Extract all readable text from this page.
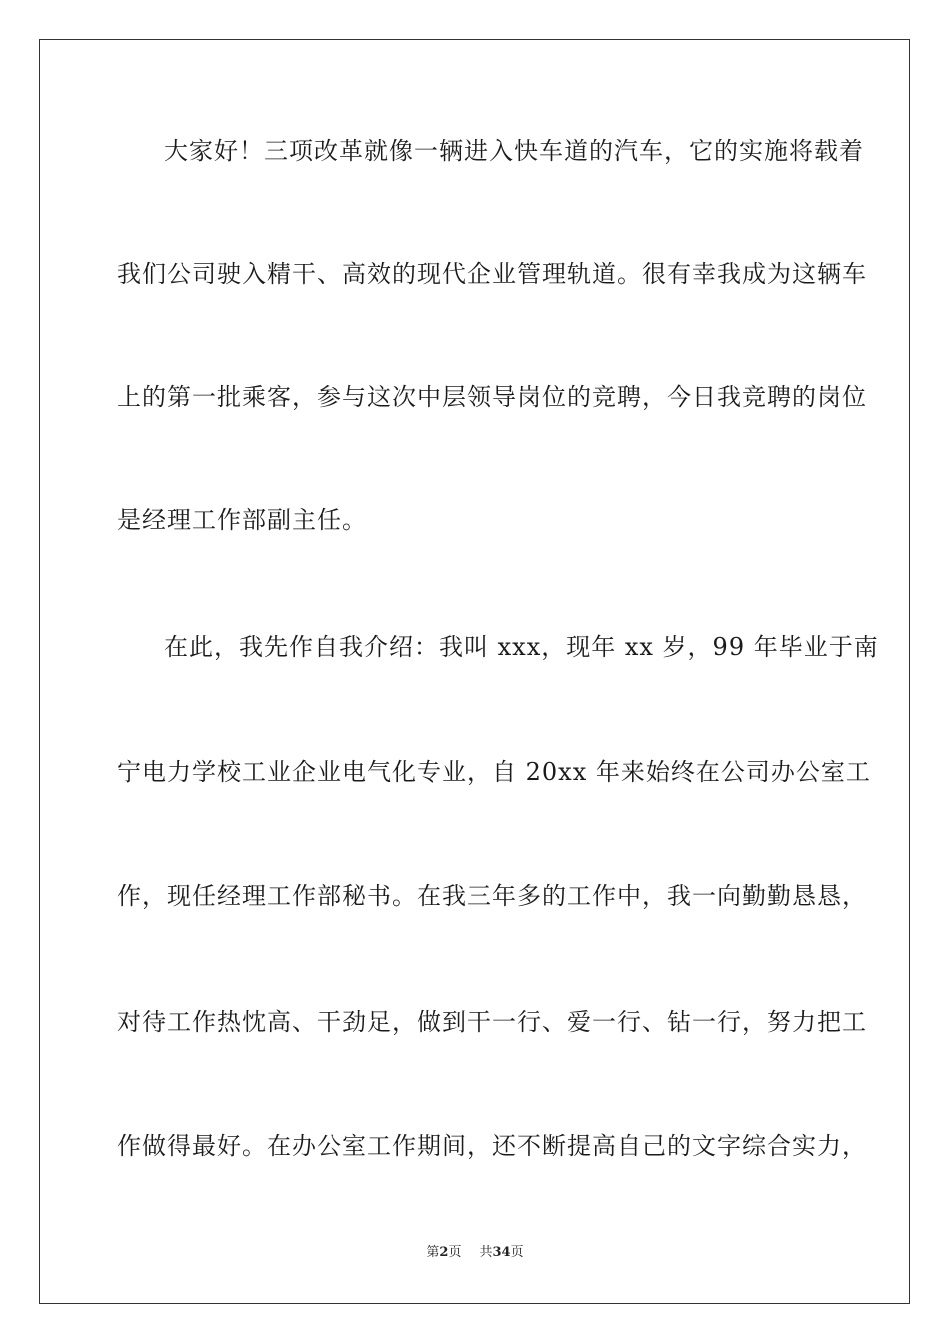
大家好！三项改革就像一辆进入快车道的汽车，它的实施将载着
我们公司驶入精干、高效的现代企业管理轨道。很有幸我成为这辆车
上的第一批乘客，参与这次中层领导岗位的竞聘，今日我竞聘的岗位
是经理工作部副主任。
在此，我先作自我介绍：我叫 xxx，现年 xx 岁，99 年毕业于南
宁电力学校工业企业电气化专业，自 20xx 年来始终在公司办公室工
作，现任经理工作部秘书。在我三年多的工作中，我一向勤勤恳恳，
对待工作热忱高、干劲足，做到干一行、爱一行、钻一行，努力把工
作做得最好。在办公室工作期间，还不断提高自己的文字综合实力，
第2页 共34页
